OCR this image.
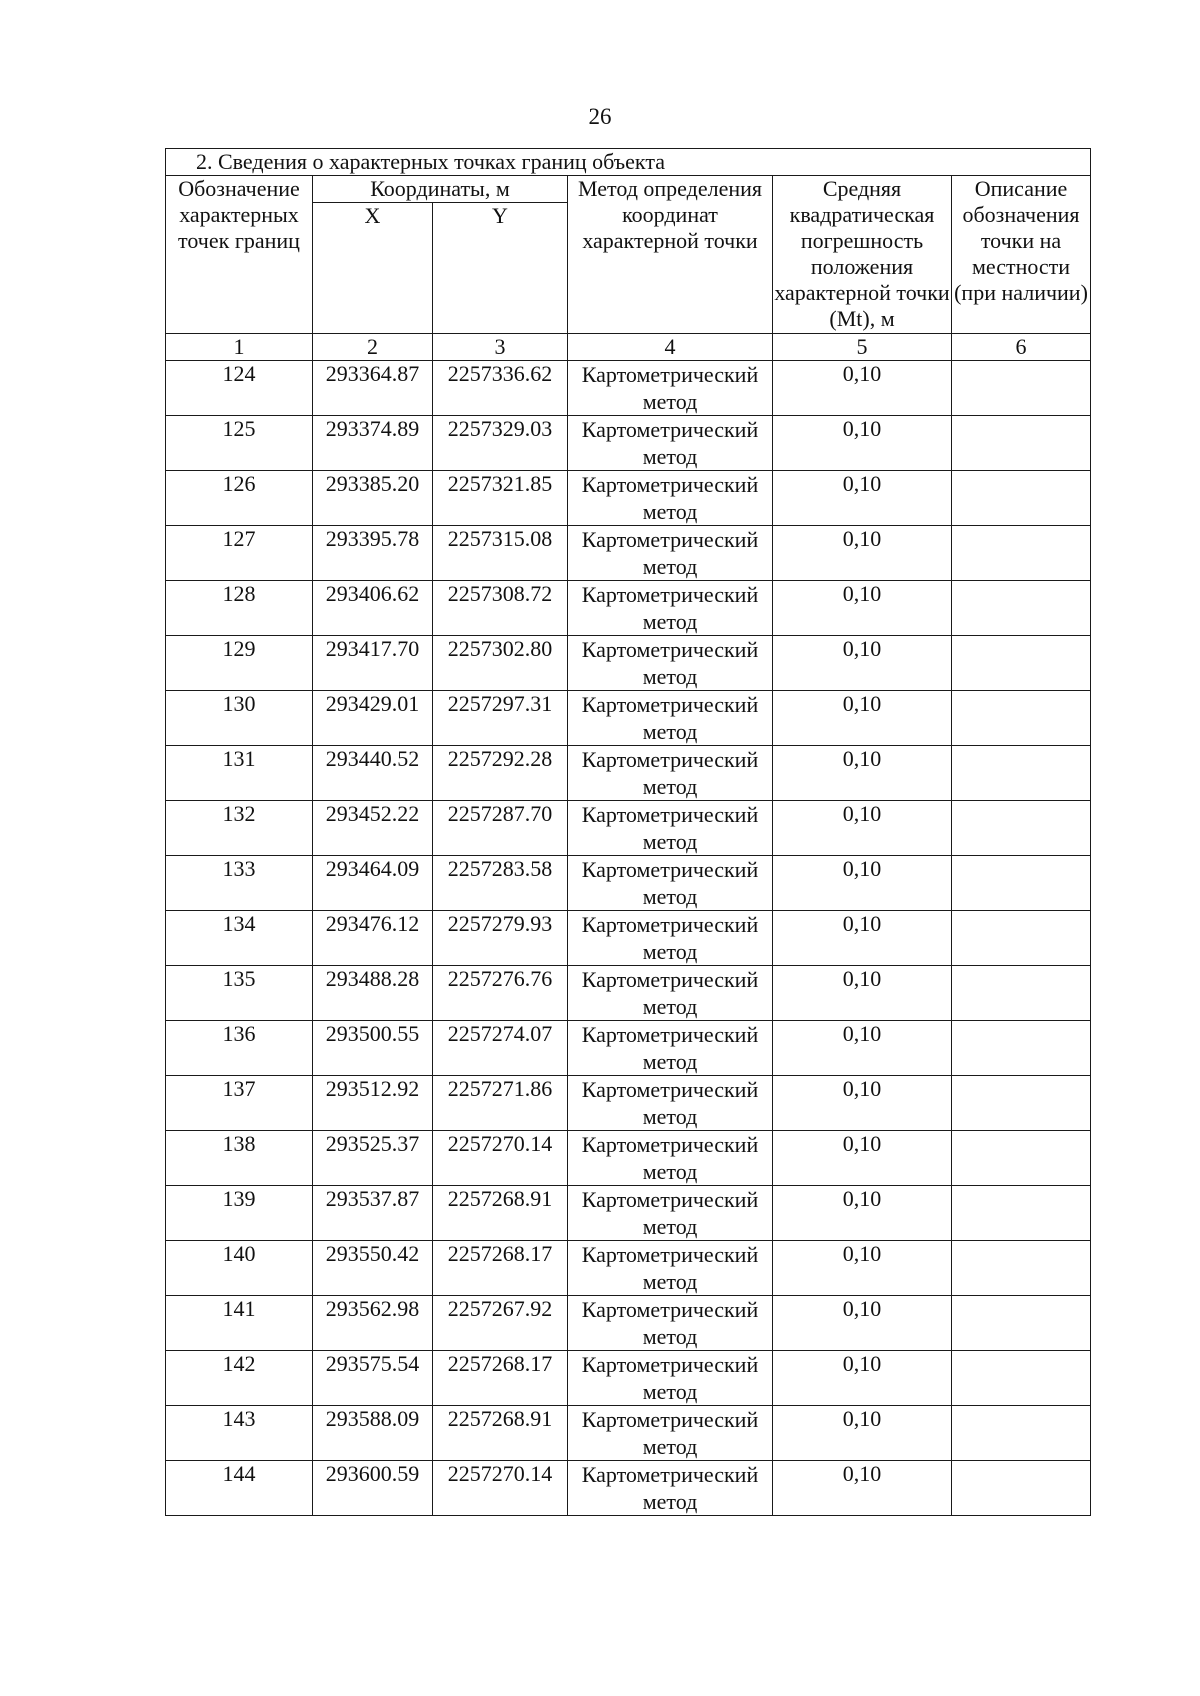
26
2. Сведения о характерных точках границ объекта					
Обозначение характерных точек границ	Координаты, м		Метод определения координат характерной точки	Средняя квадратическая погрешность положения характерной точки (Mt), м	Описание обозначения точки на местности (при наличии)
	X	Y			
1	2	3	4	5	6
124	293364.87	2257336.62	Картометрический метод	0,10	
125	293374.89	2257329.03	Картометрический метод	0,10	
126	293385.20	2257321.85	Картометрический метод	0,10	
127	293395.78	2257315.08	Картометрический метод	0,10	
128	293406.62	2257308.72	Картометрический метод	0,10	
129	293417.70	2257302.80	Картометрический метод	0,10	
130	293429.01	2257297.31	Картометрический метод	0,10	
131	293440.52	2257292.28	Картометрический метод	0,10	
132	293452.22	2257287.70	Картометрический метод	0,10	
133	293464.09	2257283.58	Картометрический метод	0,10	
134	293476.12	2257279.93	Картометрический метод	0,10	
135	293488.28	2257276.76	Картометрический метод	0,10	
136	293500.55	2257274.07	Картометрический метод	0,10	
137	293512.92	2257271.86	Картометрический метод	0,10	
138	293525.37	2257270.14	Картометрический метод	0,10	
139	293537.87	2257268.91	Картометрический метод	0,10	
140	293550.42	2257268.17	Картометрический метод	0,10	
141	293562.98	2257267.92	Картометрический метод	0,10	
142	293575.54	2257268.17	Картометрический метод	0,10	
143	293588.09	2257268.91	Картометрический метод	0,10	
144	293600.59	2257270.14	Картометрический метод	0,10	
